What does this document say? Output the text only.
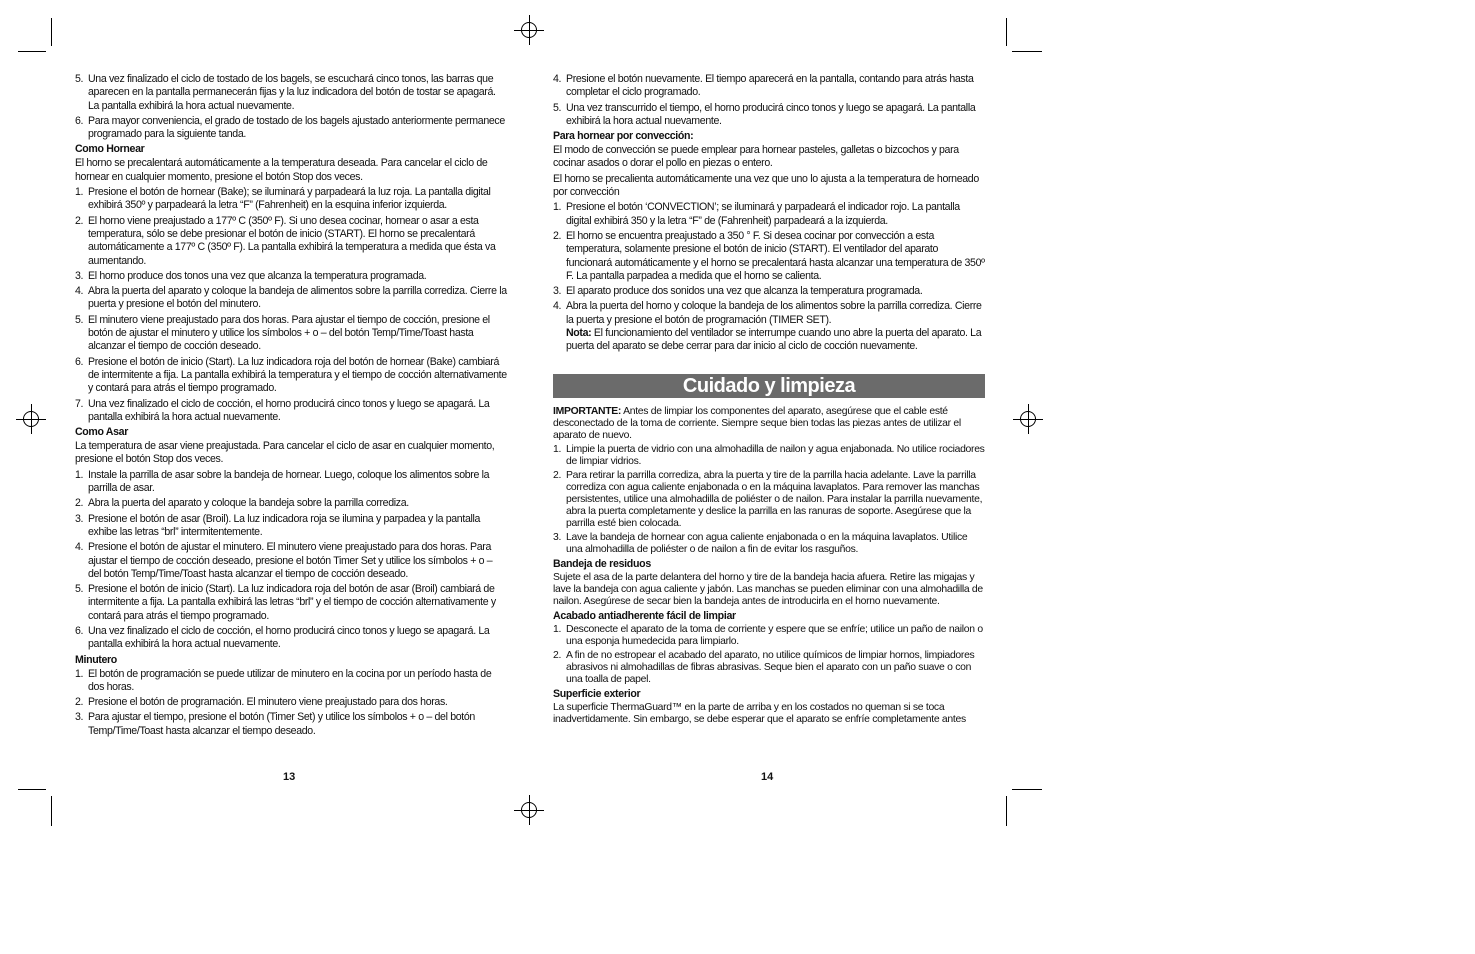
5. Una vez finalizado el ciclo de tostado de los bagels, se escuchará cinco tonos, las barras que aparecen en la pantalla permanecerán fijas y la luz indicadora del botón de tostar se apagará. La pantalla exhibirá la hora actual nuevamente.
6. Para mayor conveniencia, el grado de tostado de los bagels ajustado anteriormente permanece programado para la siguiente tanda.
Como Hornear

El horno se precalentará automáticamente a la temperatura deseada. Para cancelar el ciclo de hornear en cualquier momento, presione el botón Stop dos veces.

1. Presione el botón de hornear (Bake); se iluminará y parpadeará la luz roja. La pantalla digital exhibirá 350º y parpadeará la letra “F” (Fahrenheit) en la esquina inferior izquierda.
2. El horno viene preajustado a 177º C (350º F). Si uno desea cocinar, hornear o asar a esta temperatura, sólo se debe presionar el botón de inicio (START). El horno se precalentará automáticamente a 177º C (350º F). La pantalla exhibirá la temperatura a medida que ésta va aumentando.
3. El horno produce dos tonos una vez que alcanza la temperatura programada.
4. Abra la puerta del aparato y coloque la bandeja de alimentos sobre la parrilla corrediza. Cierre la puerta y presione el botón del minutero.
5. El minutero viene preajustado para dos horas. Para ajustar el tiempo de cocción, presione el botón de ajustar el minutero y utilice los símbolos + o – del botón Temp/Time/Toast hasta alcanzar el tiempo de cocción deseado.
6. Presione el botón de inicio (Start). La luz indicadora roja del botón de hornear (Bake) cambiará de intermitente a fija. La pantalla exhibirá la temperatura y el tiempo de cocción alternativamente y contará para atrás el tiempo programado.
7. Una vez finalizado el ciclo de cocción, el horno producirá cinco tonos y luego se apagará. La pantalla exhibirá la hora actual nuevamente.
Como Asar

La temperatura de asar viene preajustada. Para cancelar el ciclo de asar en cualquier momento, presione el botón Stop dos veces.

1. Instale la parrilla de asar sobre la bandeja de hornear. Luego, coloque los alimentos sobre la parrilla de asar.
2. Abra la puerta del aparato y coloque la bandeja sobre la parrilla corrediza.
3. Presione el botón de asar (Broil). La luz indicadora roja se ilumina y parpadea y la pantalla exhibe las letras “brl” intermitentemente.
4. Presione el botón de ajustar el minutero. El minutero viene preajustado para dos horas. Para ajustar el tiempo de cocción deseado, presione el botón Timer Set y utilice los símbolos + o – del botón Temp/Time/Toast hasta alcanzar el tiempo de cocción deseado.
5. Presione el botón de inicio (Start). La luz indicadora roja del botón de asar (Broil) cambiará de intermitente a fija. La pantalla exhibirá las letras “brl” y el tiempo de cocción alternativamente y contará para atrás el tiempo programado.
6. Una vez finalizado el ciclo de cocción, el horno producirá cinco tonos y luego se apagará. La pantalla exhibirá la hora actual nuevamente.
Minutero
1. El botón de programación se puede utilizar de minutero en la cocina por un período hasta de dos horas.
2. Presione el botón de programación. El minutero viene preajustado para dos horas.
3. Para ajustar el tiempo, presione el botón (Timer Set) y utilice los símbolos + o – del botón Temp/Time/Toast hasta alcanzar el tiempo deseado.
13
4. Presione el botón nuevamente. El tiempo aparecerá en la pantalla, contando para atrás hasta completar el ciclo programado.
5. Una vez transcurrido el tiempo, el horno producirá cinco tonos y luego se apagará. La pantalla exhibirá la hora actual nuevamente.
Para hornear por convección:

El modo de convección se puede emplear para hornear pasteles, galletas o bizcochos y para cocinar asados o dorar el pollo en piezas o entero.

El horno se precalienta automáticamente una vez que uno lo ajusta a la temperatura de horneado por convección

1. Presione el botón ‘CONVECTION’; se iluminará y parpadeará el indicador rojo. La pantalla digital exhibirá 350 y la letra “F” de (Fahrenheit) parpadeará a la izquierda.
2. El horno se encuentra preajustado a 350 ° F. Si desea cocinar por convección a esta temperatura, solamente presione el botón de inicio (START). El ventilador del aparato funcionará automáticamente y el horno se precalentará hasta alcanzar una temperatura de 350º F. La pantalla parpadea a medida que el horno se calienta.
3. El aparato produce dos sonidos una vez que alcanza la temperatura programada.
4. Abra la puerta del horno y coloque la bandeja de los alimentos sobre la parrilla corrediza. Cierre la puerta y presione el botón de programación (TIMER SET).
Nota: El funcionamiento del ventilador se interrumpe cuando uno abre la puerta del aparato. La puerta del aparato se debe cerrar para dar inicio al ciclo de cocción nuevamente.
Cuidado y limpieza

IMPORTANTE: Antes de limpiar los componentes del aparato, asegúrese que el cable esté desconectado de la toma de corriente. Siempre seque bien todas las piezas antes de utilizar el aparato de nuevo.

1. Limpie la puerta de vidrio con una almohadilla de nailon y agua enjabonada. No utilice rociadores de limpiar vidrios.
2. Para retirar la parrilla corrediza, abra la puerta y tire de la parrilla hacia adelante. Lave la parrilla corrediza con agua caliente enjabonada o en la máquina lavaplatos. Para remover las manchas persistentes, utilice una almohadilla de poliéster o de nailon. Para instalar la parrilla nuevamente, abra la puerta completamente y deslice la parrilla en las ranuras de soporte. Asegúrese que la parrilla esté bien colocada.
3. Lave la bandeja de hornear con agua caliente enjabonada o en la máquina lavaplatos. Utilice una almohadilla de poliéster o de nailon a fin de evitar los rasguños.
Bandeja de residuos

Sujete el asa de la parte delantera del horno y tire de la bandeja hacia afuera. Retire las migajas y lave la bandeja con agua caliente y jabón. Las manchas se pueden eliminar con una almohadilla de nailon. Asegúrese de secar bien la bandeja antes de introducirla en el horno nuevamente.

Acabado antiadherente fácil de limpiar
1. Desconecte el aparato de la toma de corriente y espere que se enfríe; utilice un paño de nailon o una esponja humedecida para limpiarlo.
2. A fin de no estropear el acabado del aparato, no utilice químicos de limpiar hornos, limpiadores abrasivos ni almohadillas de fibras abrasivas. Seque bien el aparato con un paño suave o con una toalla de papel.
Superficie exterior

La superficie ThermaGuard™ en la parte de arriba y en los costados no queman si se toca inadvertidamente. Sin embargo, se debe esperar que el aparato se enfríe completamente antes

14
